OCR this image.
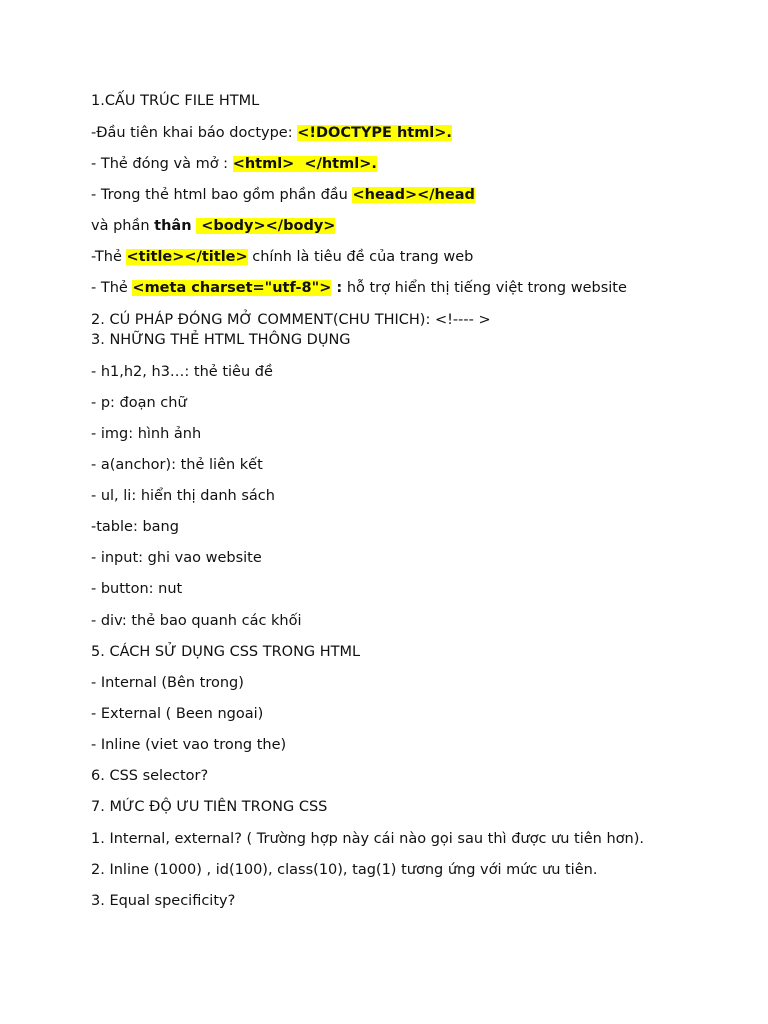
1.CẤU TRÚC FILE HTML
-Đầu tiên khai báo doctype: <!DOCTYPE html>.
- Thẻ đóng và mở : <html>  </html>.
- Trong thẻ html bao gồm phần đầu <head></head
và phần thân  <body></body>
-Thẻ <title></title> chính là tiêu đề của trang web
- Thẻ <meta charset="utf-8"> : hỗ trợ hiển thị tiếng việt trong website
2. CÚ PHÁP ĐÓNG MỞ COMMENT(CHU THICH): <!---- >
3. NHỮNG THẺ HTML THÔNG DỤNG
- h1,h2, h3…: thẻ tiêu đề
- p: đoạn chữ
- img: hình ảnh
- a(anchor): thẻ liên kết
- ul, li: hiển thị danh sách
-table: bang
- input: ghi vao website
- button: nut
- div: thẻ bao quanh các khối
5. CÁCH SỬ DỤNG CSS TRONG HTML
- Internal (Bên trong)
- External ( Been ngoai)
- Inline (viet vao trong the)
6. CSS selector?
7. MỨC ĐỘ ƯU TIÊN TRONG CSS
1. Internal, external? ( Trường hợp này cái nào gọi sau thì được ưu tiên hơn).
2. Inline (1000) , id(100), class(10), tag(1) tương ứng với mức ưu tiên.
3. Equal specificity?
